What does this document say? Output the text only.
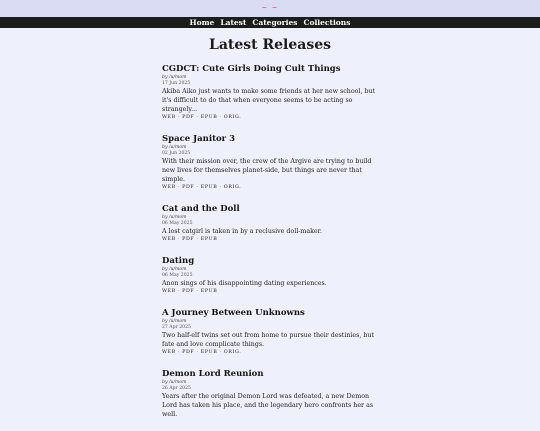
~ ~
Home Latest Categories Collections
Latest Releases
CGDCT: Cute Girls Doing Cult Things
by /u/mom
17 Jun 2025

Akiba Aiko just wants to make some friends at her new school, but it's difficult to do that when everyone seems to be acting so strangely...

WEB · PDF · EPUB · ORIG.
Space Janitor 3
by /u/mom
02 Jun 2025

With their mission over, the crew of the Argive are trying to build new lives for themselves planet-side, but things are never that simple.

WEB · PDF · EPUB · ORIG.
Cat and the Doll
by /u/mom
06 May 2025

A lost catgirl is taken in by a reclusive doll-maker.

WEB · PDF · EPUB
Dating
by /u/mom
06 May 2025

Anon sings of his disappointing dating experiences.

WEB · PDF · EPUB
A Journey Between Unknowns
by /u/mom
27 Apr 2025

Two half-elf twins set out from home to pursue their destinies, but fate and love complicate things.

WEB · PDF · EPUB · ORIG.
Demon Lord Reunion
by /u/mom
26 Apr 2025

Years after the original Demon Lord was defeated, a new Demon Lord has taken his place, and the legendary hero confronts her as well.
